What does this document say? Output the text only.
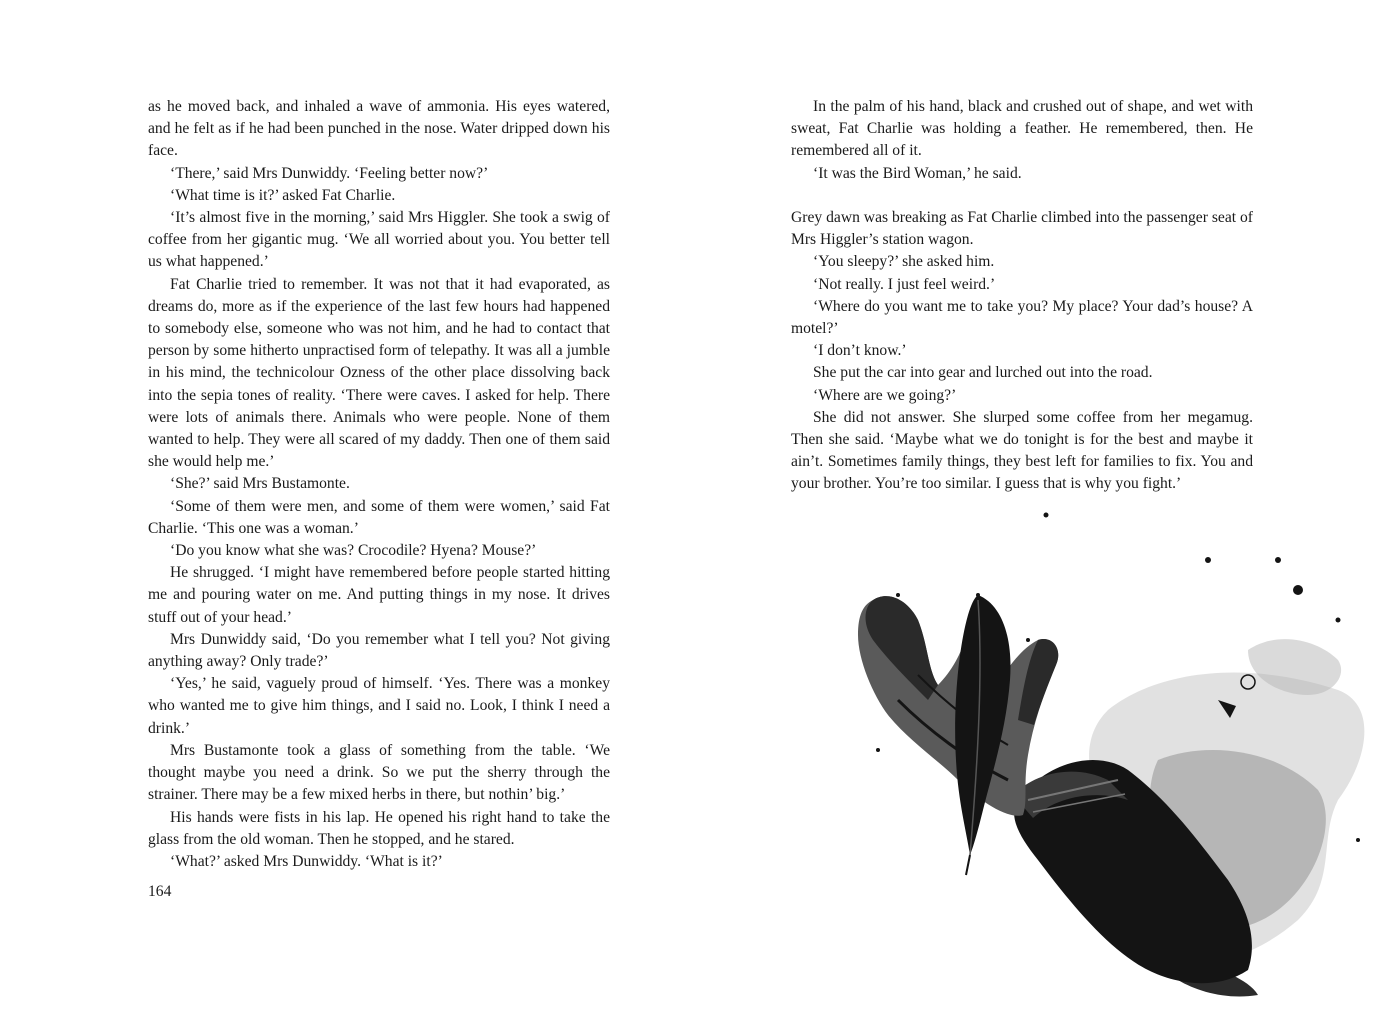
as he moved back, and inhaled a wave of ammonia. His eyes watered, and he felt as if he had been punched in the nose. Water dripped down his face.

‘There,’ said Mrs Dunwiddy. ‘Feeling better now?’

‘What time is it?’ asked Fat Charlie.

‘It’s almost five in the morning,’ said Mrs Higgler. She took a swig of coffee from her gigantic mug. ‘We all worried about you. You better tell us what happened.’

Fat Charlie tried to remember. It was not that it had evaporated, as dreams do, more as if the experience of the last few hours had happened to somebody else, someone who was not him, and he had to contact that person by some hitherto unpractised form of telepathy. It was all a jumble in his mind, the technicolour Ozness of the other place dissolving back into the sepia tones of reality. ‘There were caves. I asked for help. There were lots of animals there. Animals who were people. None of them wanted to help. They were all scared of my daddy. Then one of them said she would help me.’

‘She?’ said Mrs Bustamonte.

‘Some of them were men, and some of them were women,’ said Fat Charlie. ‘This one was a woman.’

‘Do you know what she was? Crocodile? Hyena? Mouse?’

He shrugged. ‘I might have remembered before people started hitting me and pouring water on me. And putting things in my nose. It drives stuff out of your head.’

Mrs Dunwiddy said, ‘Do you remember what I tell you? Not giving anything away? Only trade?’

‘Yes,’ he said, vaguely proud of himself. ‘Yes. There was a monkey who wanted me to give him things, and I said no. Look, I think I need a drink.’

Mrs Bustamonte took a glass of something from the table. ‘We thought maybe you need a drink. So we put the sherry through the strainer. There may be a few mixed herbs in there, but nothin’ big.’

His hands were fists in his lap. He opened his right hand to take the glass from the old woman. Then he stopped, and he stared.

‘What?’ asked Mrs Dunwiddy. ‘What is it?’

164

In the palm of his hand, black and crushed out of shape, and wet with sweat, Fat Charlie was holding a feather. He remembered, then. He remembered all of it.

‘It was the Bird Woman,’ he said.

Grey dawn was breaking as Fat Charlie climbed into the passenger seat of Mrs Higgler’s station wagon.

‘You sleepy?’ she asked him.

‘Not really. I just feel weird.’

‘Where do you want me to take you? My place? Your dad’s house? A motel?’

‘I don’t know.’

She put the car into gear and lurched out into the road.

‘Where are we going?’

She did not answer. She slurped some coffee from her megamug. Then she said. ‘Maybe what we do tonight is for the best and maybe it ain’t. Sometimes family things, they best left for families to fix. You and your brother. You’re too similar. I guess that is why you fight.’
